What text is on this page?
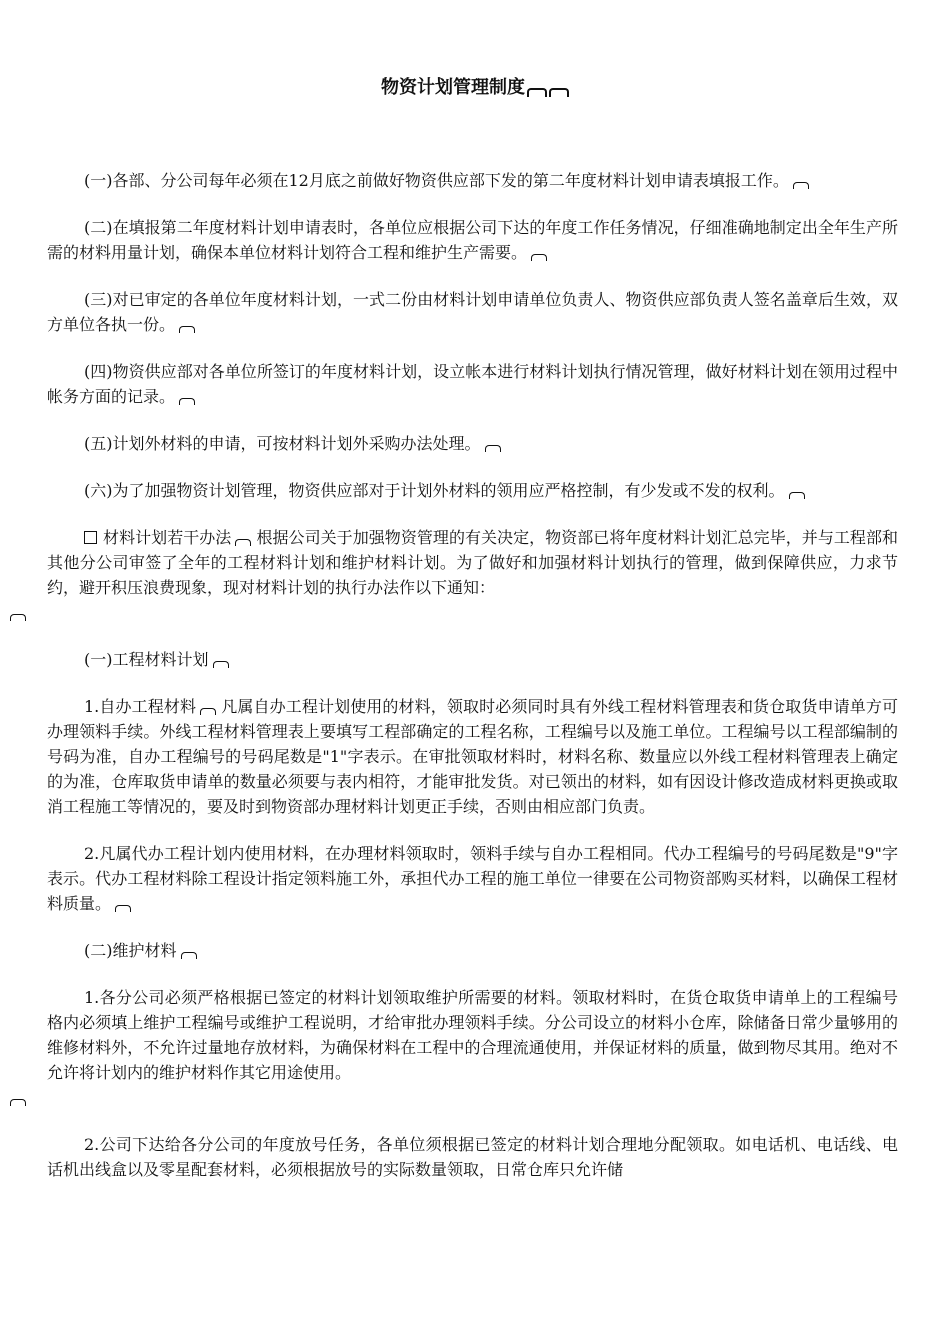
物资计划管理制度

(一)各部、分公司每年必须在12月底之前做好物资供应部下发的第二年度材料计划申请表填报工作。

(二)在填报第二年度材料计划申请表时，各单位应根据公司下达的年度工作任务情况，仔细准确地制定出全年生产所需的材料用量计划，确保本单位材料计划符合工程和维护生产需要。

(三)对已审定的各单位年度材料计划，一式二份由材料计划申请单位负责人、物资供应部负责人签名盖章后生效，双方单位各执一份。

(四)物资供应部对各单位所签订的年度材料计划，设立帐本进行材料计划执行情况管理，做好材料计划在领用过程中帐务方面的记录。

(五)计划外材料的申请，可按材料计划外采购办法处理。

(六)为了加强物资计划管理，物资供应部对于计划外材料的领用应严格控制，有少发或不发的权利。

材料计划若干办法 根据公司关于加强物资管理的有关决定，物资部已将年度材料计划汇总完毕，并与工程部和其他分公司审签了全年的工程材料计划和维护材料计划。为了做好和加强材料计划执行的管理，做到保障供应，力求节约，避开积压浪费现象，现对材料计划的执行办法作以下通知：

(一)工程材料计划

1.自办工程材料 凡属自办工程计划使用的材料，领取时必须同时具有外线工程材料管理表和货仓取货申请单方可办理领料手续。外线工程材料管理表上要填写工程部确定的工程名称，工程编号以及施工单位。工程编号以工程部编制的号码为准，自办工程编号的号码尾数是"1"字表示。在审批领取材料时，材料名称、数量应以外线工程材料管理表上确定的为准，仓库取货申请单的数量必须要与表内相符，才能审批发货。对已领出的材料，如有因设计修改造成材料更换或取消工程施工等情况的，要及时到物资部办理材料计划更正手续，否则由相应部门负责。

2.凡属代办工程计划内使用材料，在办理材料领取时，领料手续与自办工程相同。代办工程编号的号码尾数是"9"字表示。代办工程材料除工程设计指定领料施工外，承担代办工程的施工单位一律要在公司物资部购买材料，以确保工程材料质量。

(二)维护材料

1.各分公司必须严格根据已签定的材料计划领取维护所需要的材料。领取材料时，在货仓取货申请单上的工程编号格内必须填上维护工程编号或维护工程说明，才给审批办理领料手续。分公司设立的材料小仓库，除储备日常少量够用的维修材料外，不允许过量地存放材料，为确保材料在工程中的合理流通使用，并保证材料的质量，做到物尽其用。绝对不允许将计划内的维护材料作其它用途使用。

2.公司下达给各分公司的年度放号任务，各单位须根据已签定的材料计划合理地分配领取。如电话机、电话线、电话机出线盒以及零星配套材料，必须根据放号的实际数量领取，日常仓库只允许储
